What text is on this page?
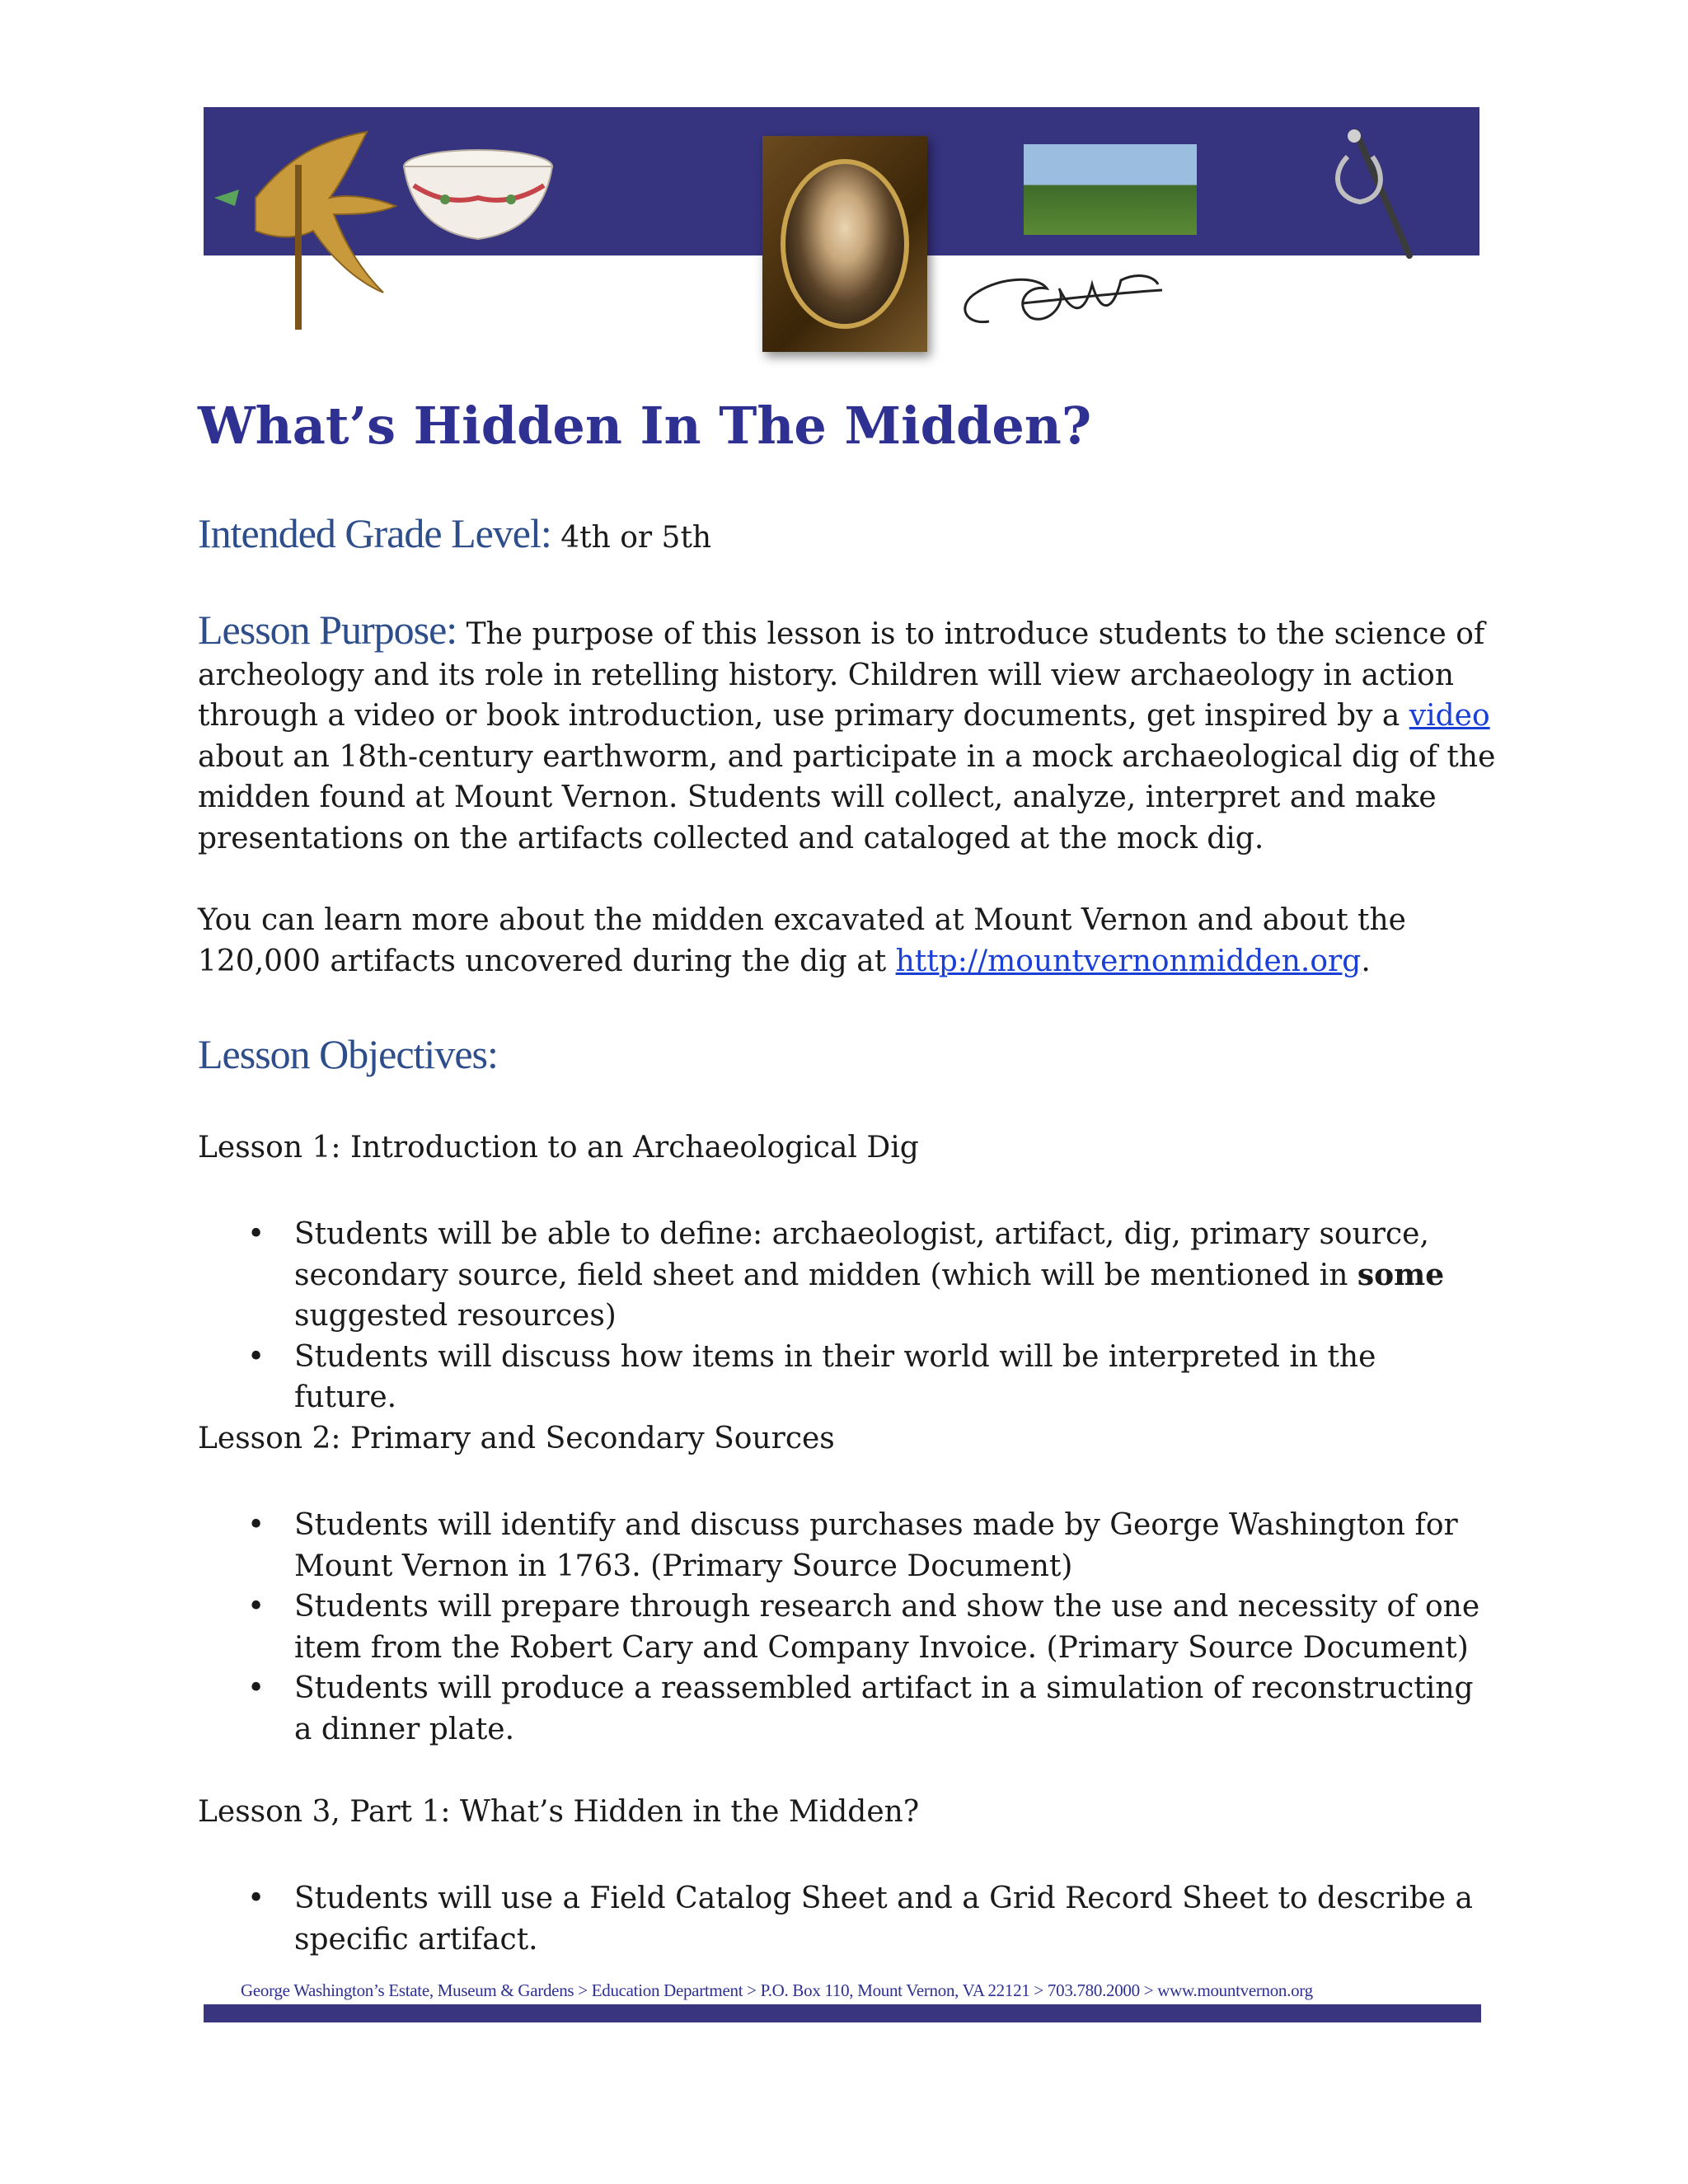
What’s Hidden In The Midden?
Intended Grade Level: 4th or 5th

Lesson Purpose: The purpose of this lesson is to introduce students to the science of archeology and its role in retelling history. Children will view archaeology in action through a video or book introduction, use primary documents, get inspired by a video about an 18th-century earthworm, and participate in a mock archaeological dig of the midden found at Mount Vernon. Students will collect, analyze, interpret and make presentations on the artifacts collected and cataloged at the mock dig.

You can learn more about the midden excavated at Mount Vernon and about the 120,000 artifacts uncovered during the dig at http://mountvernonmidden.org.

Lesson Objectives:
Lesson 1: Introduction to an Archaeological Dig
• Students will be able to define: archaeologist, artifact, dig, primary source, secondary source, field sheet and midden (which will be mentioned in some suggested resources)
• Students will discuss how items in their world will be interpreted in the future.
Lesson 2: Primary and Secondary Sources
• Students will identify and discuss purchases made by George Washington for Mount Vernon in 1763. (Primary Source Document)
• Students will prepare through research and show the use and necessity of one item from the Robert Cary and Company Invoice. (Primary Source Document)
• Students will produce a reassembled artifact in a simulation of reconstructing a dinner plate.
Lesson 3, Part 1: What’s Hidden in the Midden?
• Students will use a Field Catalog Sheet and a Grid Record Sheet to describe a specific artifact.
George Washington’s Estate, Museum & Gardens > Education Department > P.O. Box 110, Mount Vernon, VA 22121 > 703.780.2000 > www.mountvernon.org
